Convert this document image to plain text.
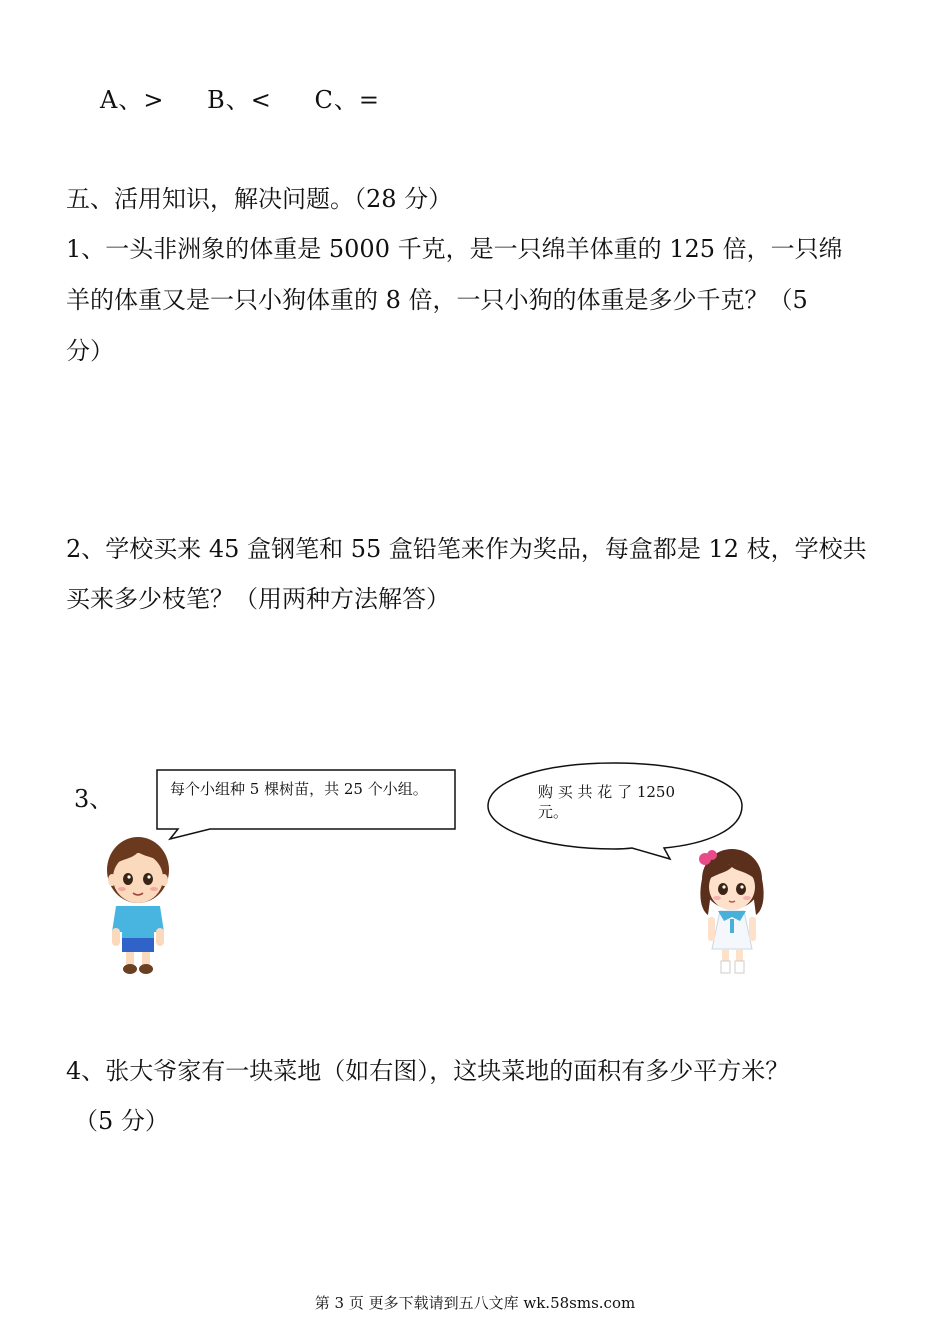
A、> B、< C、=
五、活用知识，解决问题。（28 分）
1、一头非洲象的体重是 5000 千克，是一只绵羊体重的 125 倍，一只绵
羊的体重又是一只小狗体重的 8 倍，一只小狗的体重是多少千克？（5
分）
2、学校买来 45 盒钢笔和 55 盒铅笔来作为奖品，每盒都是 12 枝，学校共
买来多少枝笔？（用两种方法解答）
3、	每个小组种 5 棵树苗，共 25 个小组。	购 买 共 花 了 1250
元。
4、张大爷家有一块菜地（如右图），这块菜地的面积有多少平方米？
（5 分）
第 3 页 更多下载请到五八文库 wk.58sms.com
